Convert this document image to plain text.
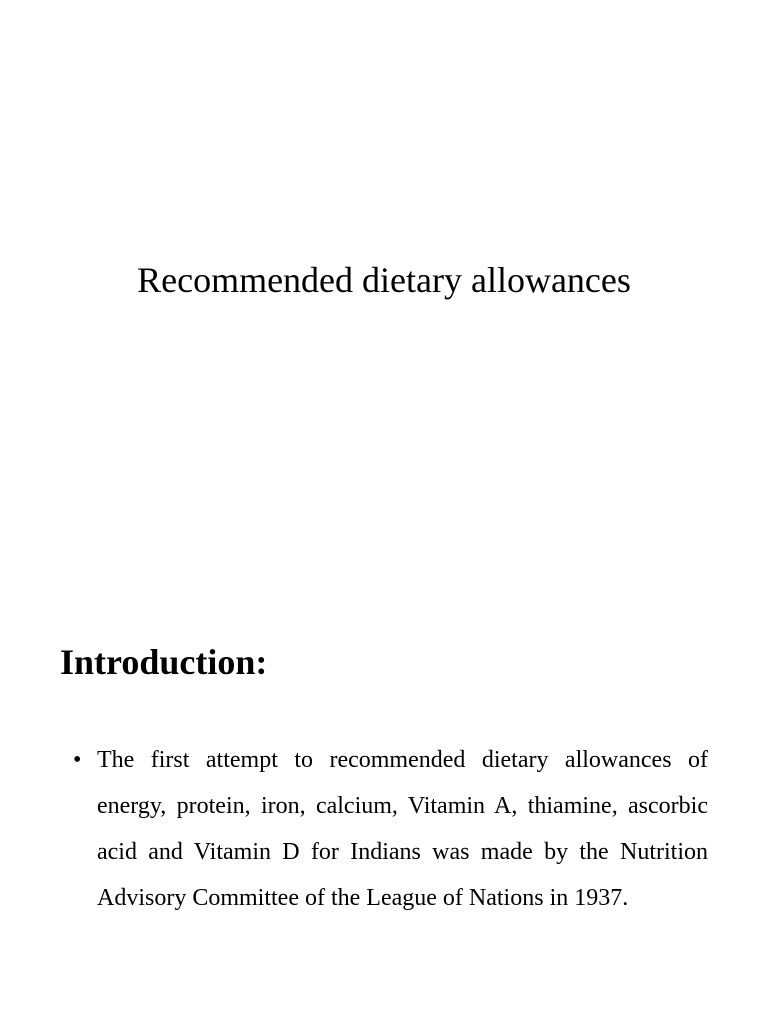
Recommended dietary allowances
Introduction:
• The first attempt to recommended dietary allowances of energy, protein, iron, calcium, Vitamin A, thiamine, ascorbic acid and Vitamin D for Indians was made by the Nutrition Advisory Committee of the League of Nations in 1937.
